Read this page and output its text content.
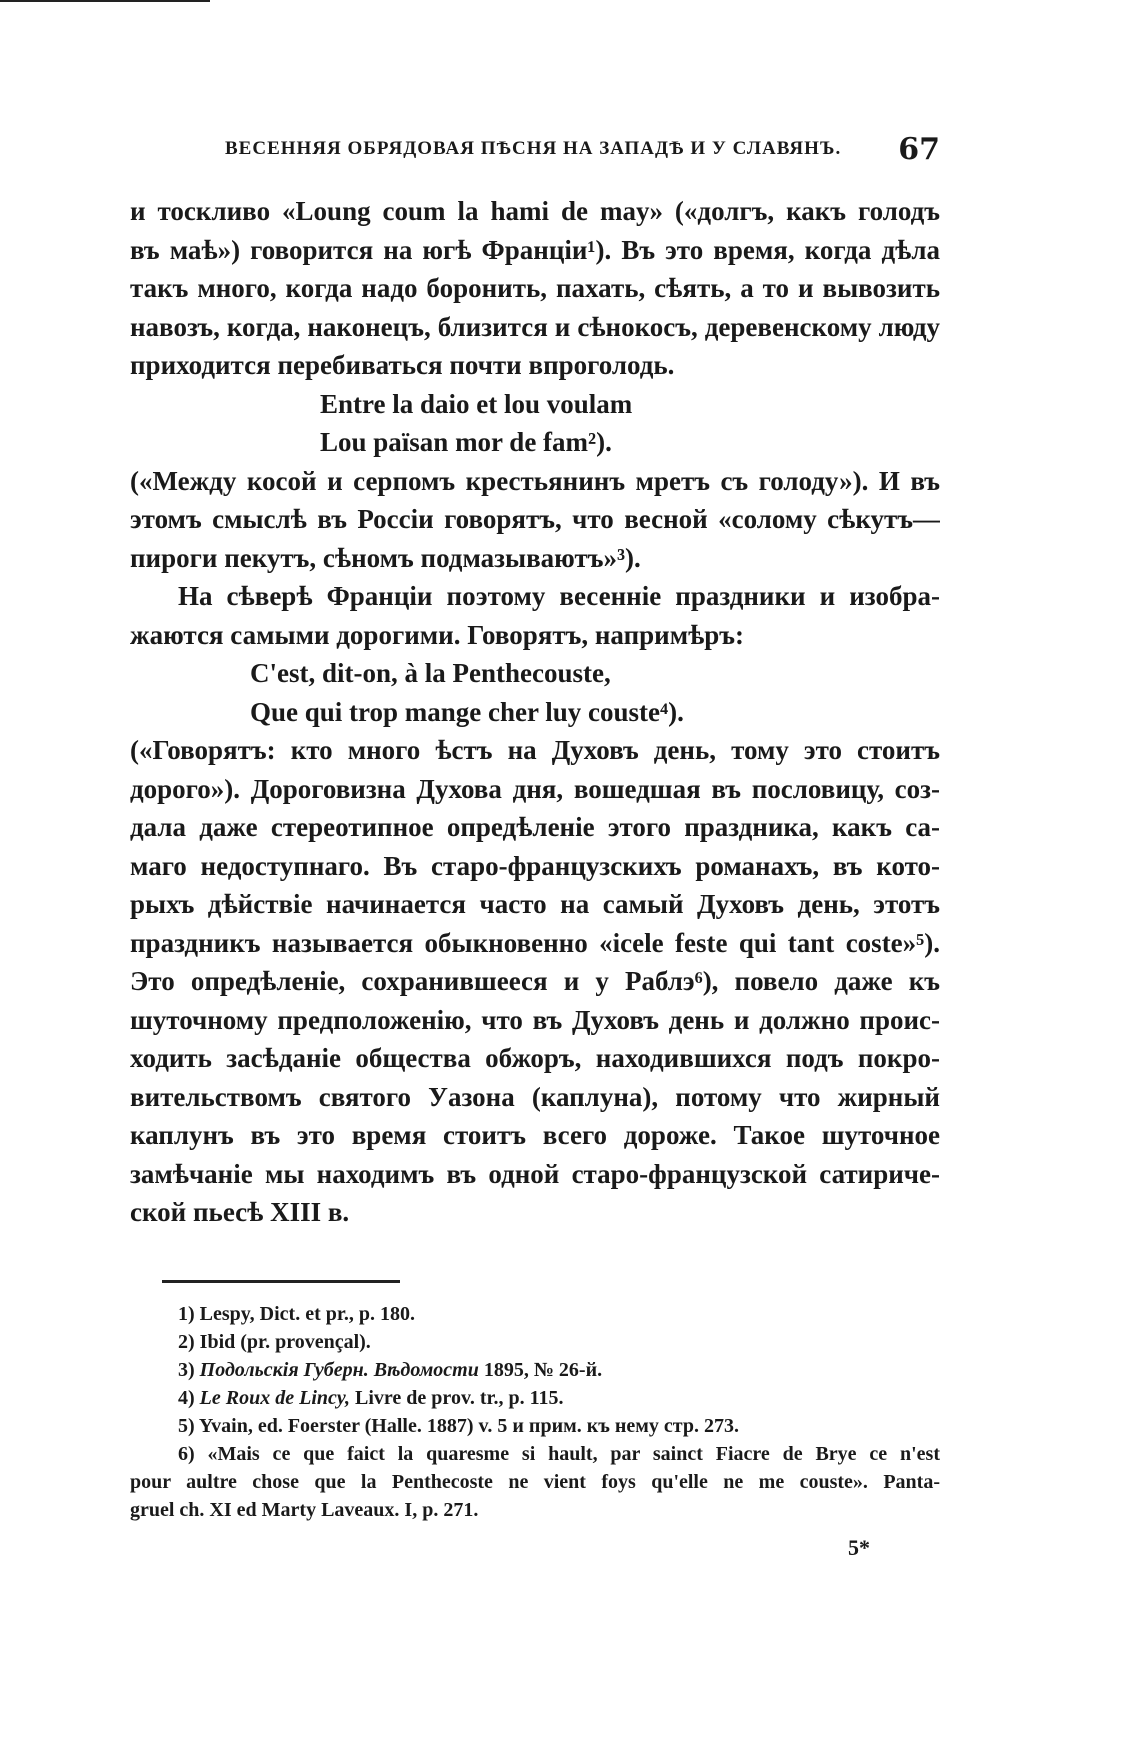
ВЕСЕННЯЯ ОБРЯДОВАЯ ПѢСНЯ НА ЗАПАДѢ И У СЛАВЯНЪ. 67
и тоскливо «Loung coum la hami de may» («долгъ, какъ голодъ
въ маѣ») говорится на югѣ Франціи¹). Въ это время, когда дѣла
такъ много, когда надо боронить, пахать, сѣять, а то и вывозить
навозъ, когда, наконецъ, близится и сѣнокосъ, деревенскому люду
приходится перебиваться почти впроголодь.
Entre la daio et lou voulam
Lou païsan mor de fam²).
(«Между косой и серпомъ крестьянинъ мретъ съ голоду»). И въ
этомъ смыслѣ въ Россіи говорятъ, что весной «солому сѣкутъ—
пироги пекутъ, сѣномъ подмазываютъ»³).
На сѣверѣ Франціи поэтому весенніе праздники и изобра-
жаются самыми дорогими. Говорятъ, напримѣръ:
C'est, dit-on, à la Penthecouste,
Que qui trop mange cher luy couste⁴).
(«Говорятъ: кто много ѣстъ на Духовъ день, тому это стоитъ
дорого»). Дороговизна Духова дня, вошедшая въ пословицу, соз-
дала даже стереотипное опредѣленіе этого праздника, какъ са-
маго недоступнаго. Въ старо-французскихъ романахъ, въ кото-
рыхъ дѣйствіе начинается часто на самый Духовъ день, этотъ
праздникъ называется обыкновенно «icele feste qui tant coste»⁵).
Это опредѣленіе, сохранившееся и у Раблэ⁶), повело даже къ
шуточному предположенію, что въ Духовъ день и должно проис-
ходить засѣданіе общества обжоръ, находившихся подъ покро-
вительствомъ святого Уазона (каплуна), потому что жирный
каплунъ въ это время стоитъ всего дороже. Такое шуточное
замѣчаніе мы находимъ въ одной старо-французской сатириче-
ской пьесѣ XIII в.
1) Lespy, Dict. et pr., p. 180.
2) Ibid (pr. provençal).
3) Подольскія Губерн. Вѣдомости 1895, № 26-й.
4) Le Roux de Lincy, Livre de prov. tr., p. 115.
5) Yvain, ed. Foerster (Halle. 1887) v. 5 и прим. къ нему стр. 273.
6) «Mais ce que faict la quaresme si hault, par sainct Fiacre de Brye ce n'est
pour aultre chose que la Penthecoste ne vient foys qu'elle ne me couste». Panta-
gruel ch. XI ed Marty Laveaux. I, p. 271.
5*
